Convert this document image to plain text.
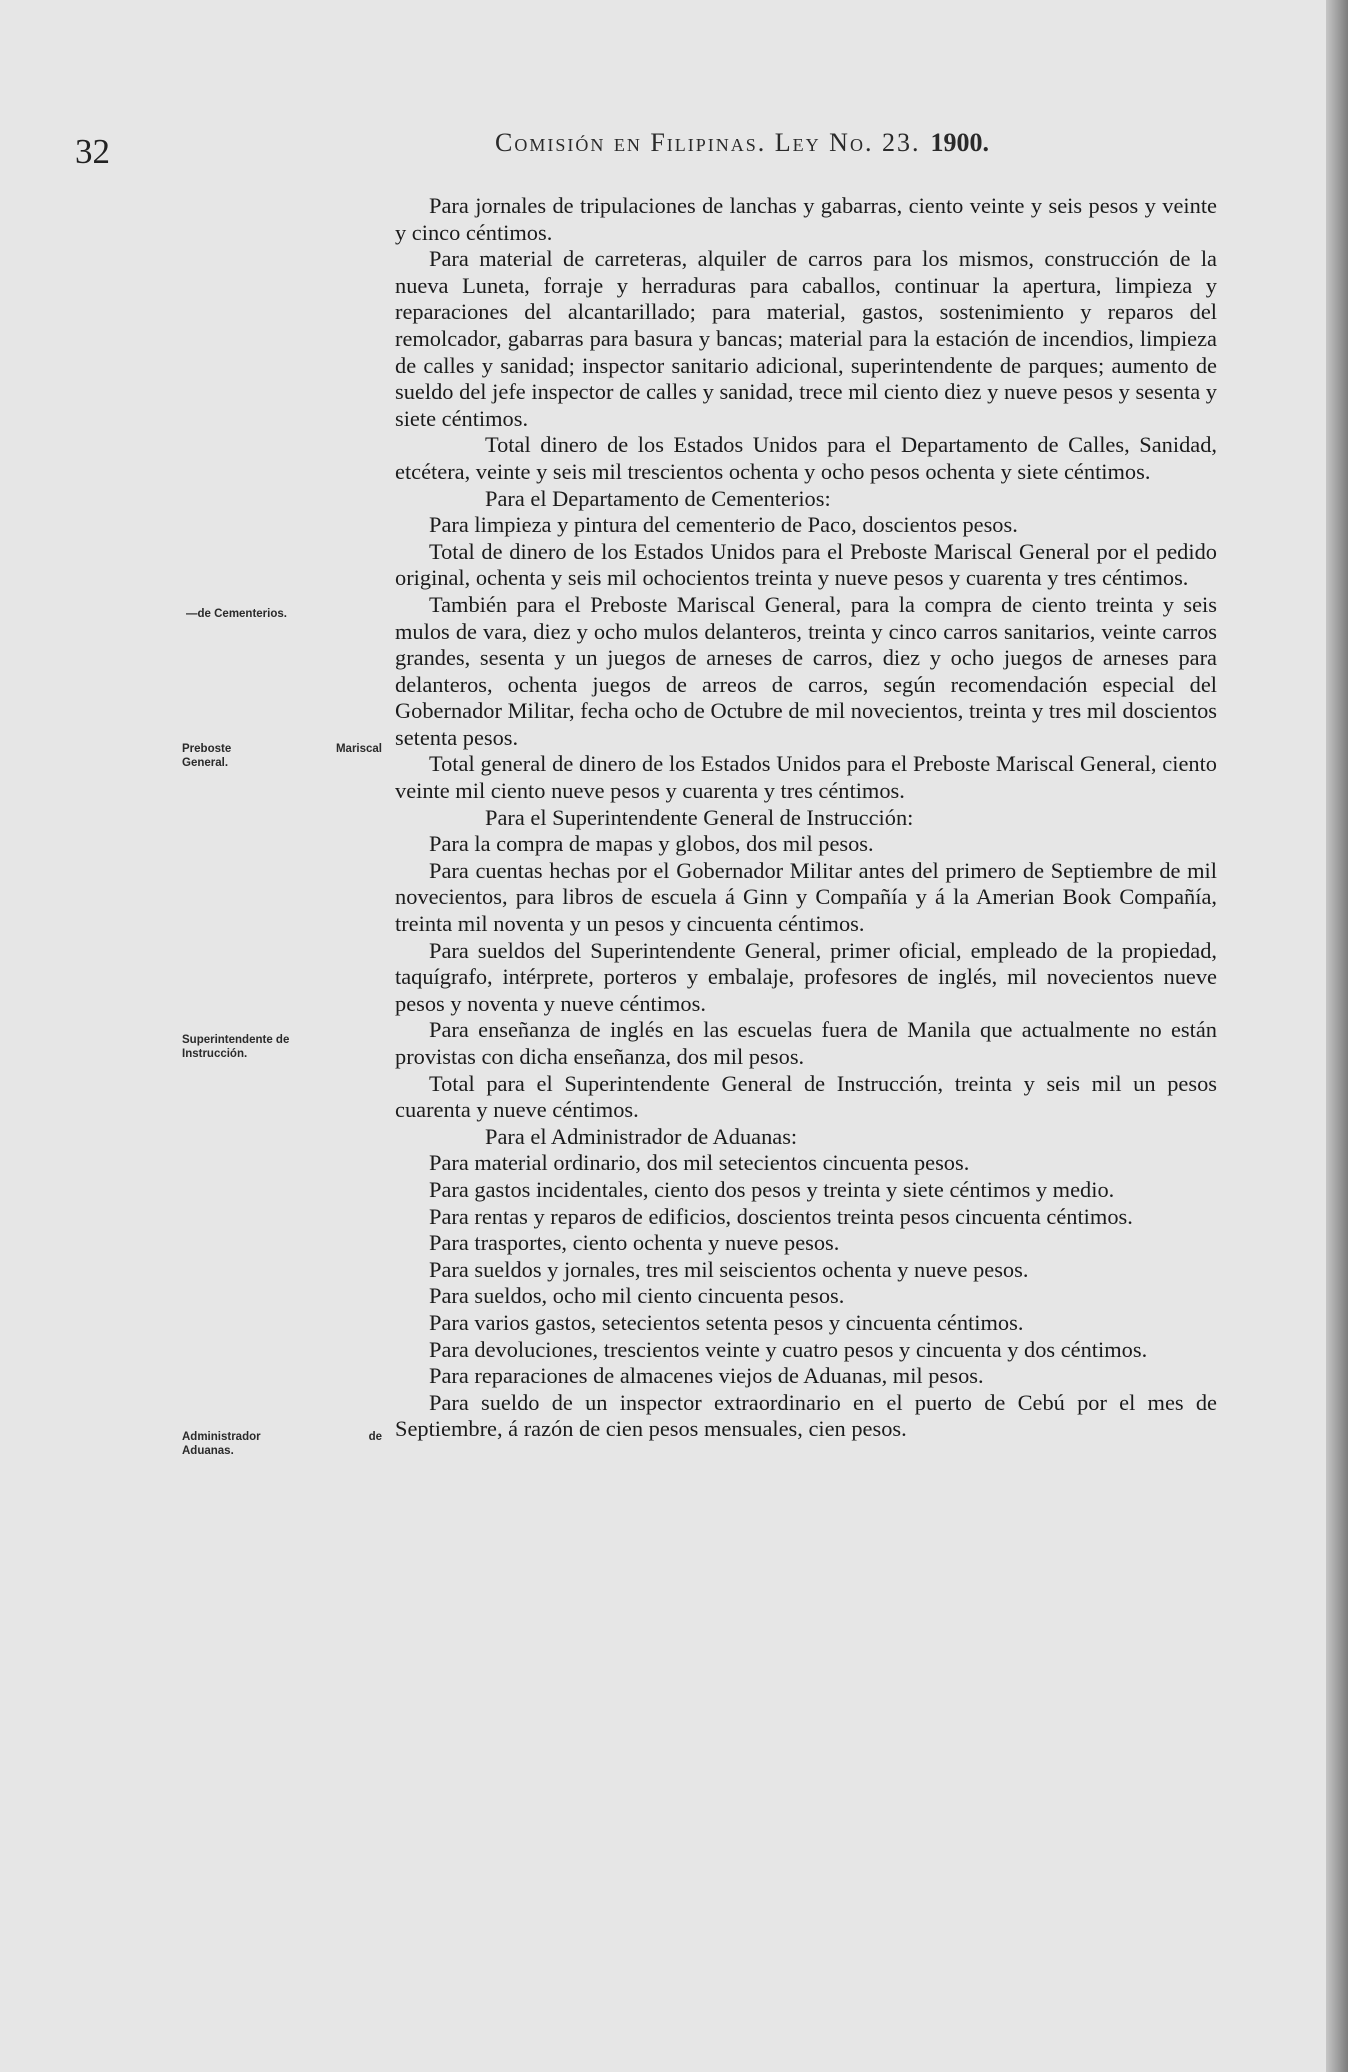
32	Comisión en Filipinas. Ley No. 23. 1900.
—de Cementerios.
Preboste Mariscal
General.
Superintendente de
Instrucción.
Administrador de
Aduanas.

Para jornales de tripulaciones de lanchas y gabarras, ciento veinte y seis pesos y veinte y cinco céntimos.

Para material de carreteras, alquiler de carros para los mismos, construcción de la nueva Luneta, forraje y herraduras para caballos, continuar la apertura, limpieza y reparaciones del alcantarillado; para material, gastos, sostenimiento y reparos del remolcador, gabarras para basura y bancas; material para la estación de incendios, limpieza de calles y sanidad; inspector sanitario adicional, superintendente de parques; aumento de sueldo del jefe inspector de calles y sanidad, trece mil ciento diez y nueve pesos y sesenta y siete céntimos.

Total dinero de los Estados Unidos para el Departamento de Calles, Sanidad, etcétera, veinte y seis mil trescientos ochenta y ocho pesos ochenta y siete céntimos.

Para el Departamento de Cementerios:

Para limpieza y pintura del cementerio de Paco, doscientos pesos.

Total de dinero de los Estados Unidos para el Preboste Mariscal General por el pedido original, ochenta y seis mil ochocientos treinta y nueve pesos y cuarenta y tres céntimos.

También para el Preboste Mariscal General, para la compra de ciento treinta y seis mulos de vara, diez y ocho mulos delanteros, treinta y cinco carros sanitarios, veinte carros grandes, sesenta y un juegos de arneses de carros, diez y ocho juegos de arneses para delanteros, ochenta juegos de arreos de carros, según recomendación especial del Gobernador Militar, fecha ocho de Octubre de mil novecientos, treinta y tres mil doscientos setenta pesos.

Total general de dinero de los Estados Unidos para el Preboste Mariscal General, ciento veinte mil ciento nueve pesos y cuarenta y tres céntimos.

Para el Superintendente General de Instrucción:

Para la compra de mapas y globos, dos mil pesos.

Para cuentas hechas por el Gobernador Militar antes del primero de Septiembre de mil novecientos, para libros de escuela á Ginn y Compañía y á la Amerian Book Compañía, treinta mil noventa y un pesos y cincuenta céntimos.

Para sueldos del Superintendente General, primer oficial, empleado de la propiedad, taquígrafo, intérprete, porteros y embalaje, profesores de inglés, mil novecientos nueve pesos y noventa y nueve céntimos.

Para enseñanza de inglés en las escuelas fuera de Manila que actualmente no están provistas con dicha enseñanza, dos mil pesos.

Total para el Superintendente General de Instrucción, treinta y seis mil un pesos cuarenta y nueve céntimos.

Para el Administrador de Aduanas:

Para material ordinario, dos mil setecientos cincuenta pesos.

Para gastos incidentales, ciento dos pesos y treinta y siete céntimos y medio.

Para rentas y reparos de edificios, doscientos treinta pesos cincuenta céntimos.

Para trasportes, ciento ochenta y nueve pesos.

Para sueldos y jornales, tres mil seiscientos ochenta y nueve pesos.

Para sueldos, ocho mil ciento cincuenta pesos.

Para varios gastos, setecientos setenta pesos y cincuenta céntimos.

Para devoluciones, trescientos veinte y cuatro pesos y cincuenta y dos céntimos.

Para reparaciones de almacenes viejos de Aduanas, mil pesos.

Para sueldo de un inspector extraordinario en el puerto de Cebú por el mes de Septiembre, á razón de cien pesos mensuales, cien pesos.
